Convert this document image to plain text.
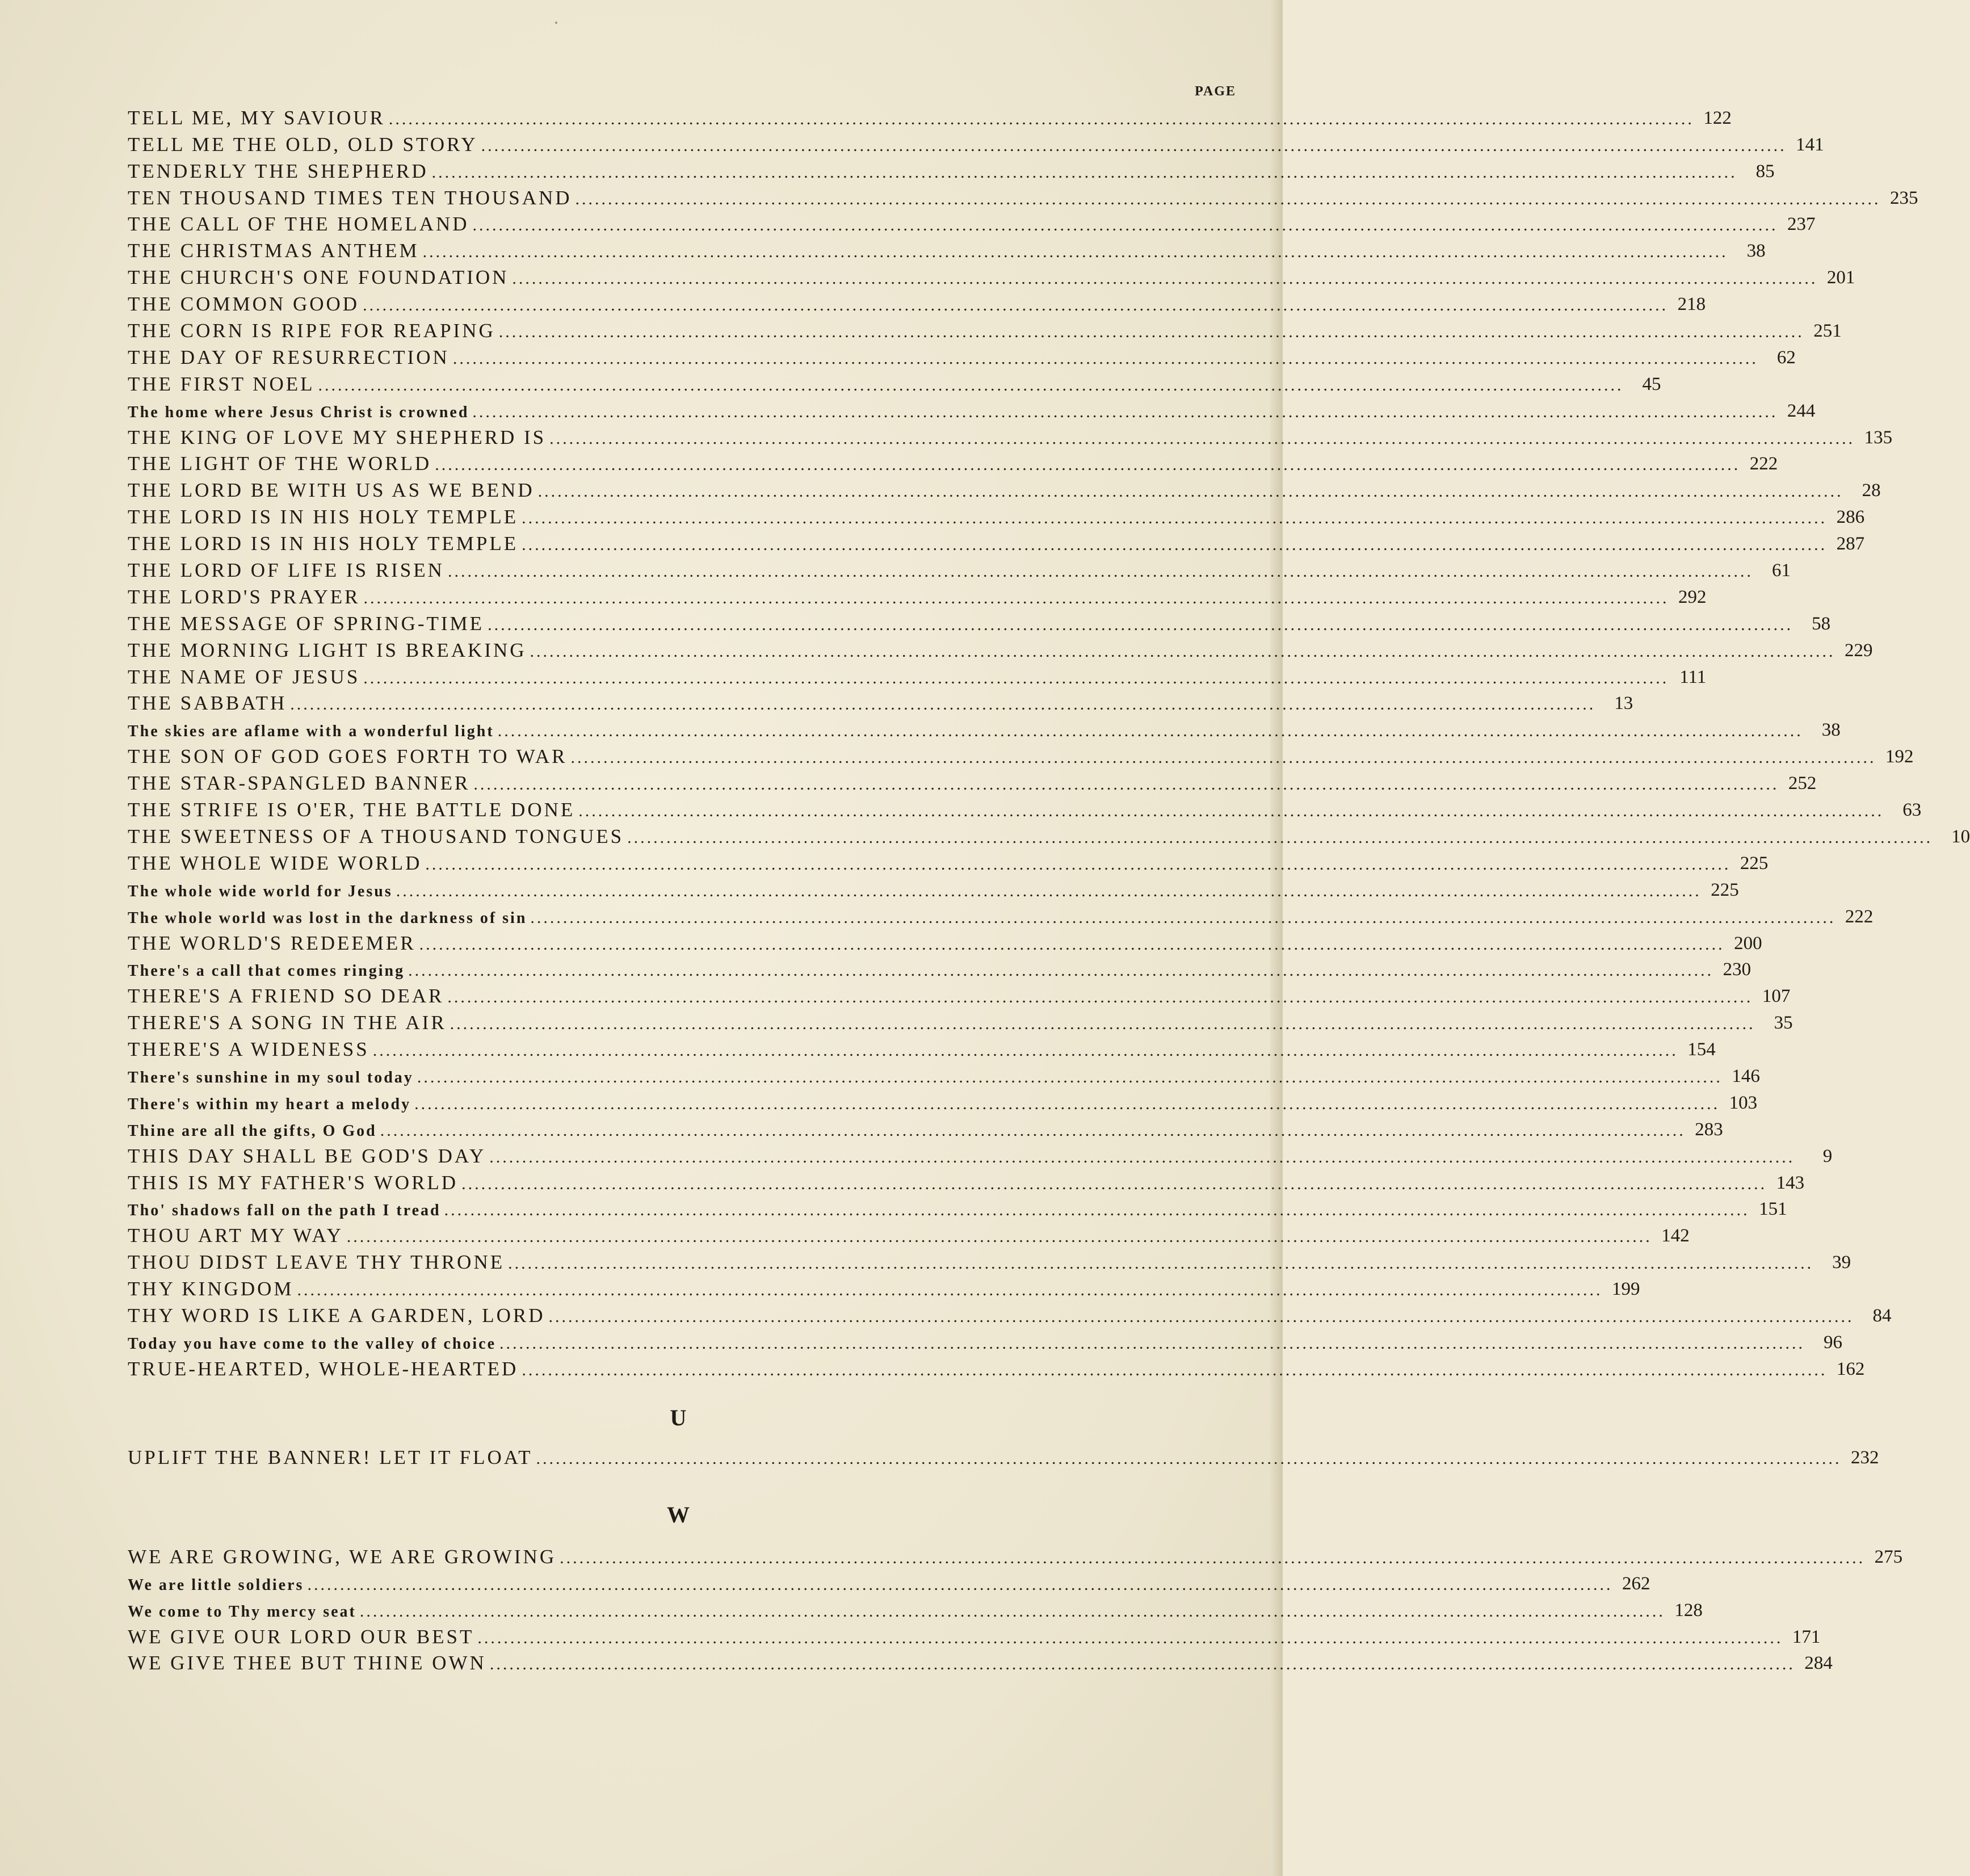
PAGE
TELL ME, MY SAVIOUR ........................................................................................................................................................................................................ 122
TELL ME THE OLD, OLD STORY ........................................................................................................................................................................................................ 141
TENDERLY THE SHEPHERD ........................................................................................................................................................................................................	85
TEN THOUSAND TIMES TEN THOUSAND ........................................................................................................................................................................................................ 235
THE CALL OF THE HOMELAND ........................................................................................................................................................................................................ 237
THE CHRISTMAS ANTHEM ........................................................................................................................................................................................................	38
THE CHURCH'S ONE FOUNDATION ........................................................................................................................................................................................................ 201
THE COMMON GOOD ........................................................................................................................................................................................................ 218
THE CORN IS RIPE FOR REAPING ........................................................................................................................................................................................................ 251
THE DAY OF RESURRECTION ........................................................................................................................................................................................................	62
THE FIRST NOEL ........................................................................................................................................................................................................	45
The home where Jesus Christ is crowned ........................................................................................................................................................................................................ 244
THE KING OF LOVE MY SHEPHERD IS ........................................................................................................................................................................................................ 135
THE LIGHT OF THE WORLD ........................................................................................................................................................................................................ 222
THE LORD BE WITH US AS WE BEND ........................................................................................................................................................................................................	28
THE LORD IS IN HIS HOLY TEMPLE ........................................................................................................................................................................................................ 286
THE LORD IS IN HIS HOLY TEMPLE ........................................................................................................................................................................................................ 287
THE LORD OF LIFE IS RISEN ........................................................................................................................................................................................................	61
THE LORD'S PRAYER ........................................................................................................................................................................................................ 292
THE MESSAGE OF SPRING-TIME ........................................................................................................................................................................................................	58
THE MORNING LIGHT IS BREAKING ........................................................................................................................................................................................................ 229
THE NAME OF JESUS ........................................................................................................................................................................................................ 111
THE SABBATH ........................................................................................................................................................................................................	13
The skies are aflame with a wonderful light ........................................................................................................................................................................................................	38
THE SON OF GOD GOES FORTH TO WAR ........................................................................................................................................................................................................ 192
THE STAR-SPANGLED BANNER ........................................................................................................................................................................................................ 252
THE STRIFE IS O'ER, THE BATTLE DONE ........................................................................................................................................................................................................	63
THE SWEETNESS OF A THOUSAND TONGUES ........................................................................................................................................................................................................	10
THE WHOLE WIDE WORLD ........................................................................................................................................................................................................ 225
The whole wide world for Jesus ........................................................................................................................................................................................................ 225
The whole world was lost in the darkness of sin ........................................................................................................................................................................................................ 222
THE WORLD'S REDEEMER ........................................................................................................................................................................................................ 200
There's a call that comes ringing ........................................................................................................................................................................................................ 230
THERE'S A FRIEND SO DEAR ........................................................................................................................................................................................................ 107
THERE'S A SONG IN THE AIR ........................................................................................................................................................................................................	35
THERE'S A WIDENESS ........................................................................................................................................................................................................ 154
There's sunshine in my soul today ........................................................................................................................................................................................................ 146
There's within my heart a melody ........................................................................................................................................................................................................ 103
Thine are all the gifts, O God ........................................................................................................................................................................................................ 283
THIS DAY SHALL BE GOD'S DAY ........................................................................................................................................................................................................	9
THIS IS MY FATHER'S WORLD ........................................................................................................................................................................................................ 143
Tho' shadows fall on the path I tread ........................................................................................................................................................................................................ 151
THOU ART MY WAY ........................................................................................................................................................................................................ 142
THOU DIDST LEAVE THY THRONE ........................................................................................................................................................................................................	39
THY KINGDOM ........................................................................................................................................................................................................ 199
THY WORD IS LIKE A GARDEN, LORD ........................................................................................................................................................................................................	84
Today you have come to the valley of choice ........................................................................................................................................................................................................	96
TRUE-HEARTED, WHOLE-HEARTED ........................................................................................................................................................................................................ 162
U
UPLIFT THE BANNER! LET IT FLOAT ........................................................................................................................................................................................................ 232
W
WE ARE GROWING, WE ARE GROWING ........................................................................................................................................................................................................ 275
We are little soldiers ........................................................................................................................................................................................................ 262
We come to Thy mercy seat ........................................................................................................................................................................................................ 128
WE GIVE OUR LORD OUR BEST ........................................................................................................................................................................................................ 171
WE GIVE THEE BUT THINE OWN ........................................................................................................................................................................................................ 284
